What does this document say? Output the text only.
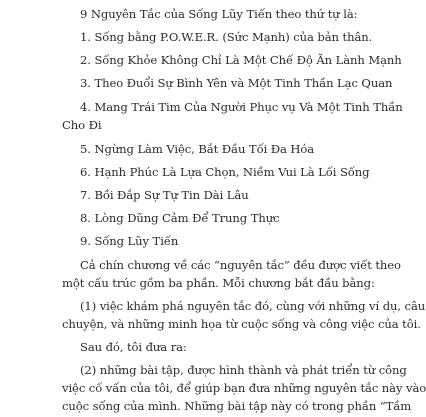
9 Nguyên Tắc của Sống Lũy Tiến theo thứ tự là:
1. Sống bằng P.O.W.E.R. (Sức Mạnh) của bản thân.
2. Sống Khỏe Không Chỉ Là Một Chế Độ Ăn Lành Mạnh
3. Theo Đuổi Sự Bình Yên và Một Tinh Thần Lạc Quan
4. Mang Trái Tim Của Người Phục vụ Và Một Tinh Thần
Cho Đi
5. Ngừng Làm Việc, Bắt Đầu Tối Đa Hóa
6. Hạnh Phúc Là Lựa Chọn, Niềm Vui Là Lối Sống
7. Bồi Đắp Sự Tự Tin Dài Lâu
8. Lòng Dũng Cảm Để Trung Thực
9. Sống Lũy Tiến
Cả chín chương về các “nguyên tắc” đều được viết theo
một cấu trúc gồm ba phần. Mỗi chương bắt đầu bằng:
(1) việc khám phá nguyên tắc đó, cùng với những ví dụ, câu
chuyện, và những minh họa từ cuộc sống và công việc của tôi.
Sau đó, tôi đưa ra:
(2) những bài tập, được hình thành và phát triển từ công
việc cố vấn của tôi, để giúp bạn đưa những nguyên tắc này vào
cuộc sống của mình. Những bài tập này có trong phần “Tầm
